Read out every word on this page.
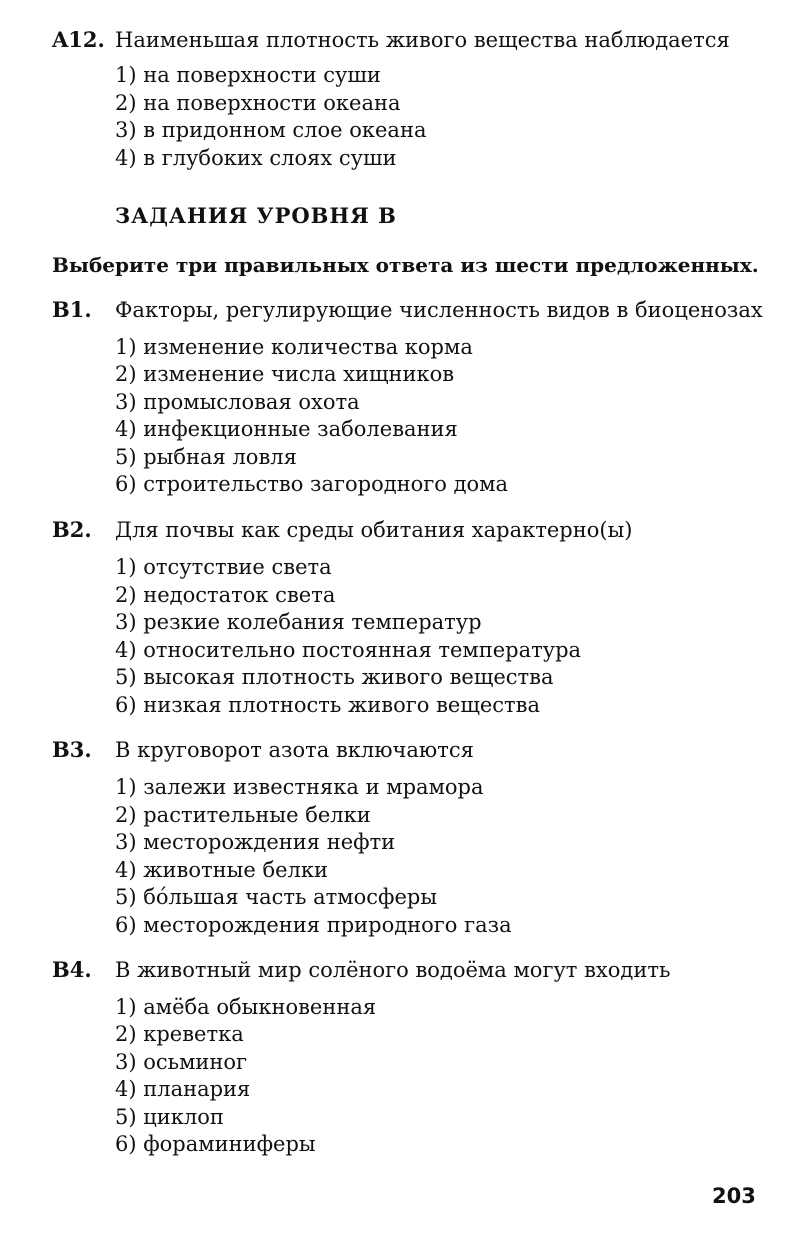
A12. Наименьшая плотность живого вещества наблюдается
1) на поверхности суши
2) на поверхности океана
3) в придонном слое океана
4) в глубоких слоях суши
ЗАДАНИЯ УРОВНЯ В
Выберите три правильных ответа из шести предложенных.
B1. Факторы, регулирующие численность видов в биоценозах
1) изменение количества корма
2) изменение числа хищников
3) промысловая охота
4) инфекционные заболевания
5) рыбная ловля
6) строительство загородного дома
B2. Для почвы как среды обитания характерно(ы)
1) отсутствие света
2) недостаток света
3) резкие колебания температур
4) относительно постоянная температура
5) высокая плотность живого вещества
6) низкая плотность живого вещества
B3. В круговорот азота включаются
1) залежи известняка и мрамора
2) растительные белки
3) месторождения нефти
4) животные белки
5) бо́льшая часть атмосферы
6) месторождения природного газа
B4. В животный мир солёного водоёма могут входить
1) амёба обыкновенная
2) креветка
3) осьминог
4) планария
5) циклоп
6) фораминиферы
203
